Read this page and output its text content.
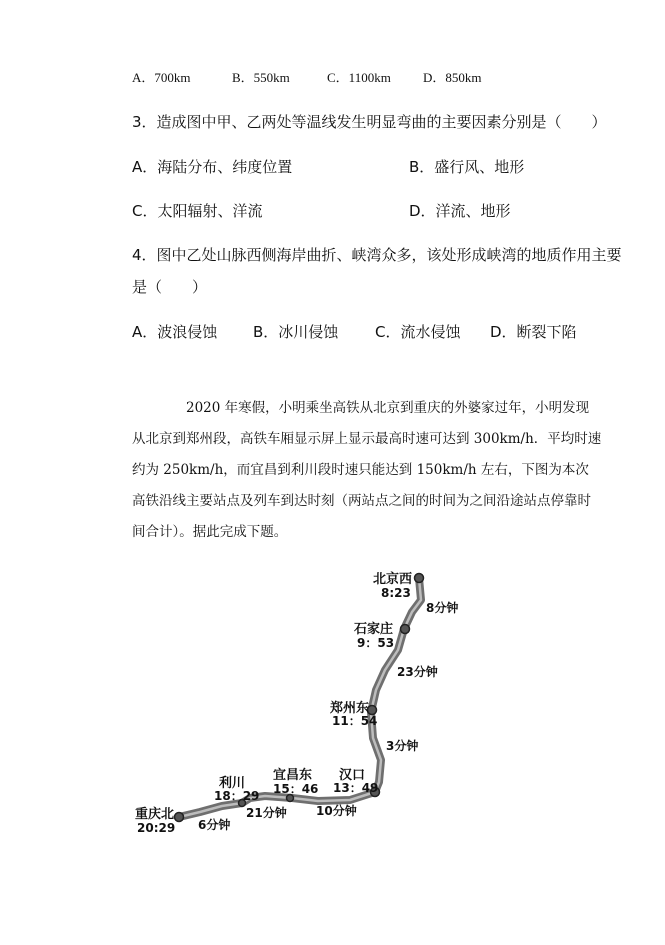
A．700km	B．550km	C．1100km D．850km
3．造成图中甲、乙两处等温线发生明显弯曲的主要因素分别是（　　）
A．海陆分布、纬度位置	B．盛行风、地形
C．太阳辐射、洋流	D．洋流、地形
4．图中乙处山脉西侧海岸曲折、峡湾众多，该处形成峡湾的地质作用主要
是（　　）
A．波浪侵蚀 B．冰川侵蚀 C．流水侵蚀 D．断裂下陷
2020 年寒假，小明乘坐高铁从北京到重庆的外婆家过年，小明发现从北京到郑州段，高铁车厢显示屏上显示最高时速可达到 300km/h．平均时速约为 250km/h，而宜昌到利川段时速只能达到 150km/h 左右，下图为本次高铁沿线主要站点及列车到达时刻（两站点之间的时间为之间沿途站点停靠时间合计）。据此完成下题。
北京西
8:23
石家庄
9：53
郑州东
11：54
汉口
13：49
宜昌东
15：46
利川
18：29
重庆北
20:29
8分钟
23分钟
3分钟
10分钟
21分钟
6分钟
